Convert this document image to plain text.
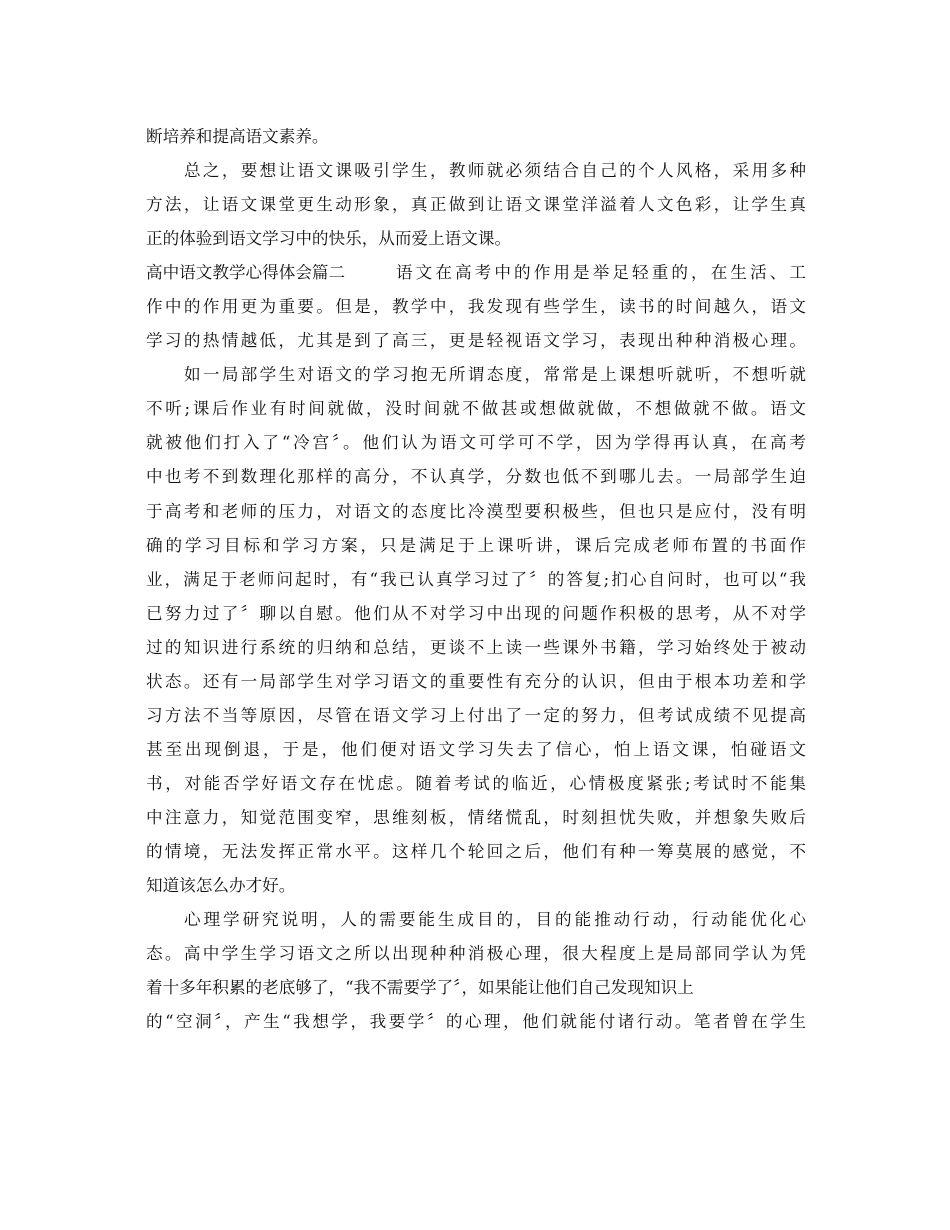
断培养和提高语文素养。
总之，要想让语文课吸引学生，教师就必须结合自己的个人风格，采用多种
方法，让语文课堂更生动形象，真正做到让语文课堂洋溢着人文色彩，让学生真
正的体验到语文学习中的快乐，从而爱上语文课。
高中语文教学心得体会篇二	语文在高考中的作用是举足轻重的，在生活、工
作中的作用更为重要。但是，教学中，我发现有些学生，读书的时间越久，语文
学习的热情越低，尤其是到了高三，更是轻视语文学习，表现出种种消极心理。
如一局部学生对语文的学习抱无所谓态度，常常是上课想听就听，不想听就
不听;课后作业有时间就做，没时间就不做甚或想做就做，不想做就不做。语文
就被他们打入了“冷宫〞。他们认为语文可学可不学，因为学得再认真，在高考
中也考不到数理化那样的高分，不认真学，分数也低不到哪儿去。一局部学生迫
于高考和老师的压力，对语文的态度比冷漠型要积极些，但也只是应付，没有明
确的学习目标和学习方案，只是满足于上课听讲，课后完成老师布置的书面作
业，满足于老师问起时，有“我已认真学习过了〞的答复;扪心自问时，也可以“我
已努力过了〞聊以自慰。他们从不对学习中出现的问题作积极的思考，从不对学
过的知识进行系统的归纳和总结，更谈不上读一些课外书籍，学习始终处于被动
状态。还有一局部学生对学习语文的重要性有充分的认识，但由于根本功差和学
习方法不当等原因，尽管在语文学习上付出了一定的努力，但考试成绩不见提高
甚至出现倒退，于是，他们便对语文学习失去了信心，怕上语文课，怕碰语文
书，对能否学好语文存在忧虑。随着考试的临近，心情极度紧张;考试时不能集
中注意力，知觉范围变窄，思维刻板，情绪慌乱，时刻担忧失败，并想象失败后
的情境，无法发挥正常水平。这样几个轮回之后，他们有种一筹莫展的感觉，不
知道该怎么办才好。
心理学研究说明，人的需要能生成目的，目的能推动行动，行动能优化心
态。高中学生学习语文之所以出现种种消极心理，很大程度上是局部同学认为凭
着十多年积累的老底够了，“我不需要学了〞，如果能让他们自己发现知识上
的“空洞〞，产生“我想学，我要学〞的心理，他们就能付诸行动。笔者曾在学生
